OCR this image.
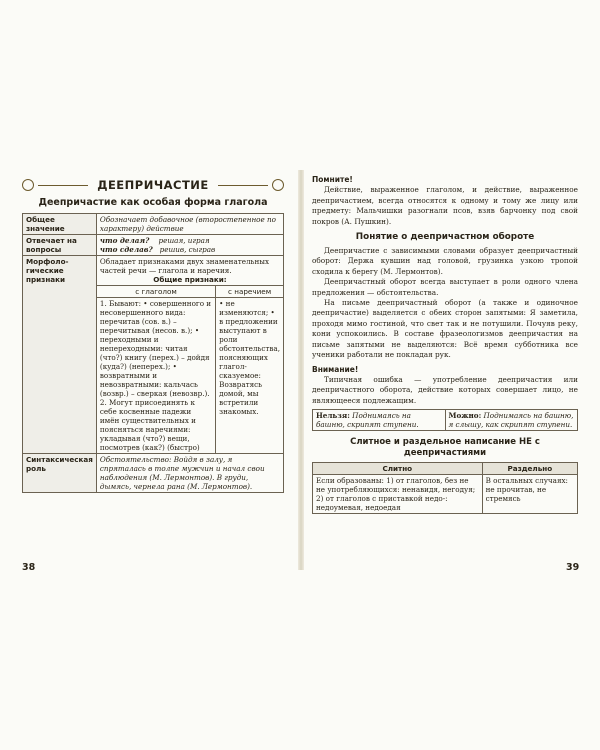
ДЕЕПРИЧАСТИЕ
Деепричастие как особая форма глагола
Общее значение	Обозначает добавочное (второстепенное по характеру) действие	
Отвечает на вопросы	что делая? решая, играя
что сделав? решив, сыграв	

Морфоло-гические признаки	Обладает признаками двух знаменательных частей речи — глагола и наречия.
Общие признаки:	

	с глаголом	с наречием
	1. Бывают: • совершенного и несовершенного вида: перечитав (сов. в.) – перечитывая (несов. в.); • переходными и непереходными: читая (что?) книгу (перех.) – дойдя (куда?) (неперех.); • возвратными и невозвратными: кальчась (возвр.) – сверкая (невозвр.). 2. Могут присоединять к себе косвенные падежи имён существительных и поясняться наречиями: укладывая (что?) вещи, посмотрев (как?) (быстро)	• не изменяются; • в предложении выступают в роли обстоятельства, поясняющих глагол-сказуемое: Возвратясь домой, мы встретили знакомых.
Синтаксическая роль	Обстоятельство: Войдя в залу, я спряталась в толпе мужчин и начал свои наблюдения (М. Лермонтов). В груди, дымясь, чернела рана (М. Лермонтов).	
38
Помните!

Действие, выраженное глаголом, и действие, выраженное деепричастием, всегда относятся к одному и тому же лицу или предмету: Мальчишки разогнали псов, взяв барчонку под свой покров (А. Пушкин).

Понятие о деепричастном обороте

Деепричастие с зависимыми словами образует деепричастный оборот: Держа кувшин над головой, грузинка узкою тропой сходила к берегу (М. Лермонтов).

Деепричастный оборот всегда выступает в роли одного члена предложения — обстоятельства.

На письме деепричастный оборот (а также и одиночное деепричастие) выделяется с обеих сторон запятыми: Я заметила, проходя мимо гостиной, что свет так и не потушили. Почуяв реку, кони успокоились. В составе фразеологизмов деепричастия на письме запятыми не выделяются: Всё время субботника все ученики работали не покладая рук.

Внимание!

Типичная ошибка — употребление деепричастия или деепричастного оборота, действие которых совершает лицо, не являющееся подлежащим.

Нельзя: Поднимаясь на башню, скрипят ступени.	Можно: Поднимаясь на башню, я слышу, как скрипят ступени.
Слитное и раздельное написание НЕ с деепричастиями
Слитно	Раздельно
Если образованы: 1) от глаголов, без не не употребляющихся: ненавидя, негодуя; 2) от глаголов с приставкой недо-: недоумевая, недоедая	В остальных случаях: не прочитав, не стремясь
39
